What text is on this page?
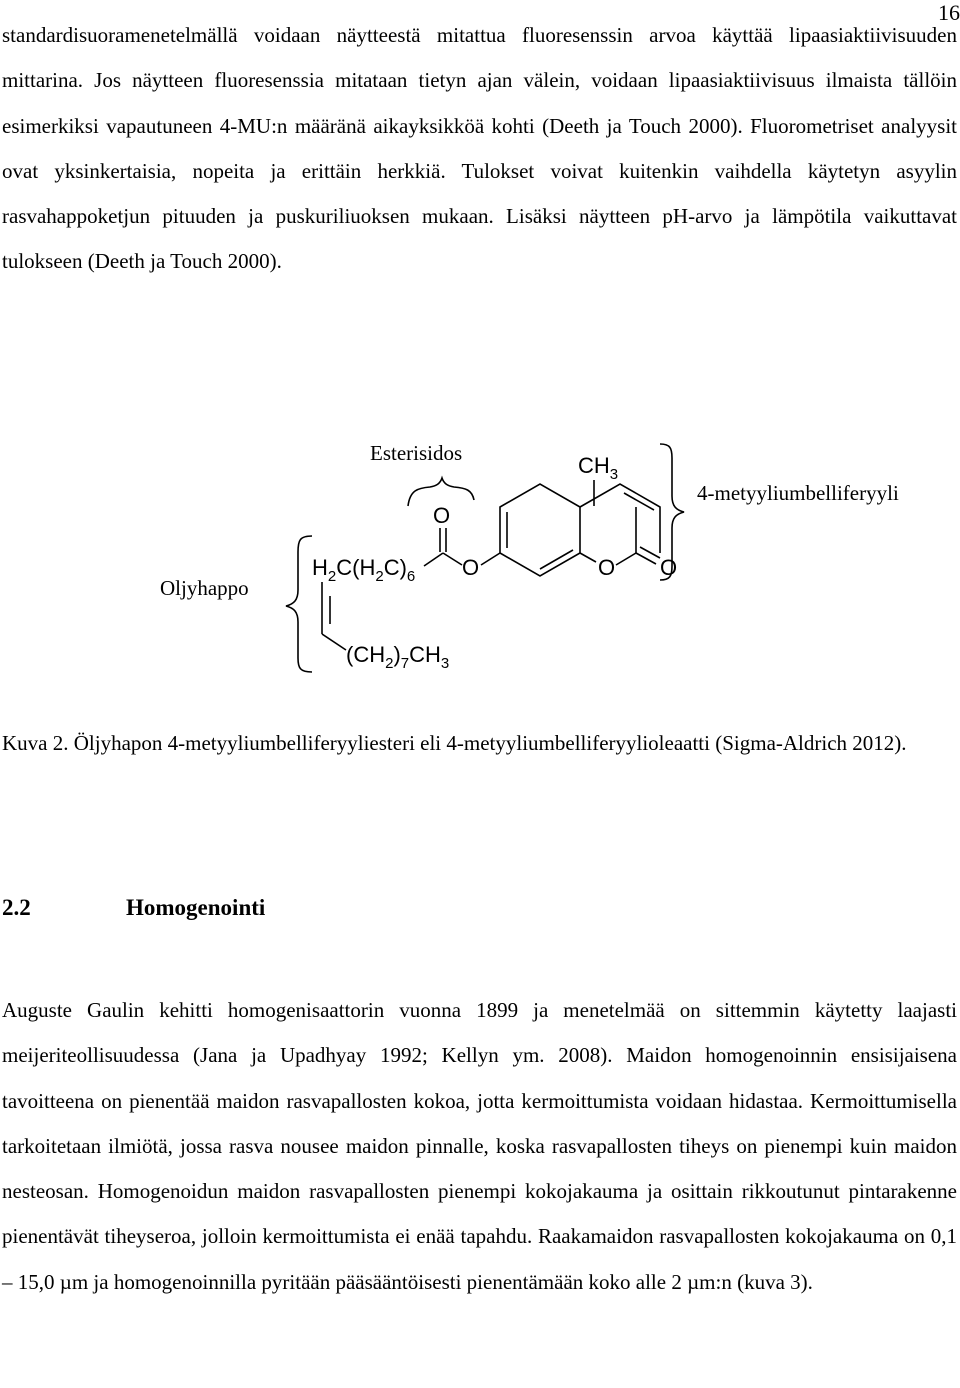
16

standardisuoramenetelmällä voidaan näytteestä mitattua fluoresenssin arvoa käyttää lipaasiaktiivisuuden mittarina. Jos näytteen fluoresenssia mitataan tietyn ajan välein, voidaan lipaasiaktiivisuus ilmaista tällöin esimerkiksi vapautuneen 4-MU:n määränä aikayksikköä kohti (Deeth ja Touch 2000). Fluorometriset analyysit ovat yksinkertaisia, nopeita ja erittäin herkkiä. Tulokset voivat kuitenkin vaihdella käytetyn asyylin rasvahappoketjun pituuden ja puskuriliuoksen mukaan. Lisäksi näytteen pH-arvo ja lämpötila vaikuttavat tulokseen (Deeth ja Touch 2000).

Esterisidos
4-metyyliumbelliferyyli
Oljyhappo
$CH_3$
O
$H_2C(H_2C)_6$ O	O O
$(CH_2)_7CH_3$

Kuva 2. Öljyhapon 4-metyyliumbelliferyyliesteri eli 4-metyyliumbelliferyylioleaatti (Sigma-Aldrich 2012).

2.2	Homogenointi

Auguste Gaulin kehitti homogenisaattorin vuonna 1899 ja menetelmää on sittemmin käytetty laajasti meijeriteollisuudessa (Jana ja Upadhyay 1992; Kellyn ym. 2008). Maidon homogenoinnin ensisijaisena tavoitteena on pienentää maidon rasvapallosten kokoa, jotta kermoittumista voidaan hidastaa. Kermoittumisella tarkoitetaan ilmiötä, jossa rasva nousee maidon pinnalle, koska rasvapallosten tiheys on pienempi kuin maidon nesteosan. Homogenoidun maidon rasvapallosten pienempi kokojakauma ja osittain rikkoutunut pintarakenne pienentävät tiheyseroa, jolloin kermoittumista ei enää tapahdu. Raakamaidon rasvapallosten kokojakauma on 0,1 – 15,0 µm ja homogenoinnilla pyritään pääsääntöisesti pienentämään koko alle 2 µm:n (kuva 3).
